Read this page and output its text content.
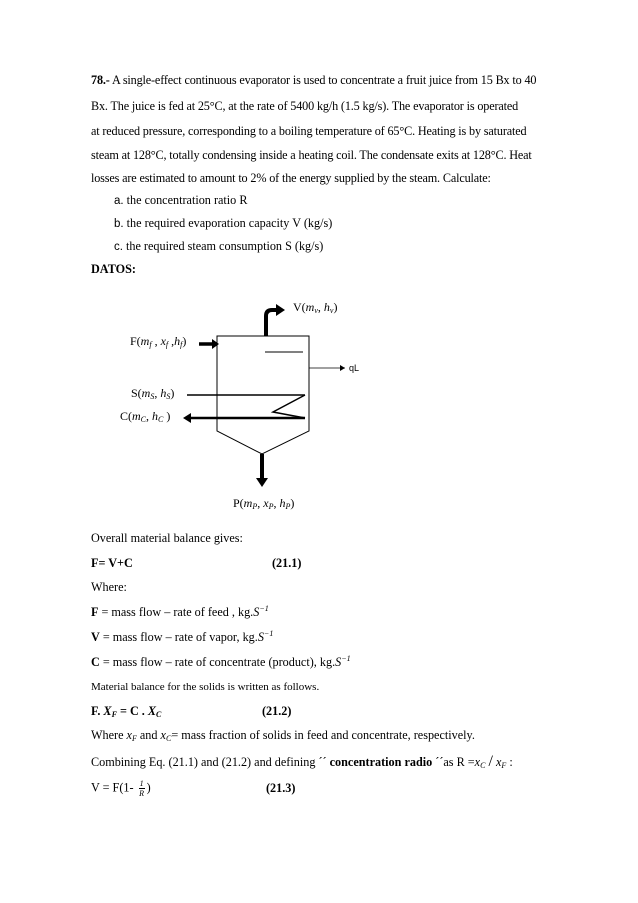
78.- A single-effect continuous evaporator is used to concentrate a fruit juice from 15 Bx to 40
Bx. The juice is fed at 25°C, at the rate of 5400 kg/h (1.5 kg/s). The evaporator is operated
at reduced pressure, corresponding to a boiling temperature of 65°C. Heating is by saturated
steam at 128°C, totally condensing inside a heating coil. The condensate exits at 128°C. Heat
losses are estimated to amount to 2% of the energy supplied by the steam. Calculate:
a. the concentration ratio R
b. the required evaporation capacity V (kg/s)
c. the required steam consumption S (kg/s)
DATOS:
$V(m_v$, $h_v$)
$F(m_f$ , $x_f$ $,h_f$)
qL
$S(m_S$, $h_S$)
$C(m_C$, $h_C$ )
$P(m_P$, $x_P$, $h_P$)
Overall material balance gives:
F= V+C	(21.1)
Where:
F = mass flow – rate of feed , $kg.S^{-1}$
V = mass flow – rate of vapor, $kg.S^{-1}$
C = mass flow – rate of concentrate (product), $kg.S^{-1}$
Material balance for the solids is written as follows.
F. $X_F = C$ . $X_C$	(21.2)
Where $x_F$ and $x_C=$ mass fraction of solids in feed and concentrate, respectively.
Combining Eq. (21.1) and (21.2) and defining ´´ concentration radio ´´as $R =x_C / x_F$ :
$V = F(1- \frac{1}{R}$ )	(21.3)
